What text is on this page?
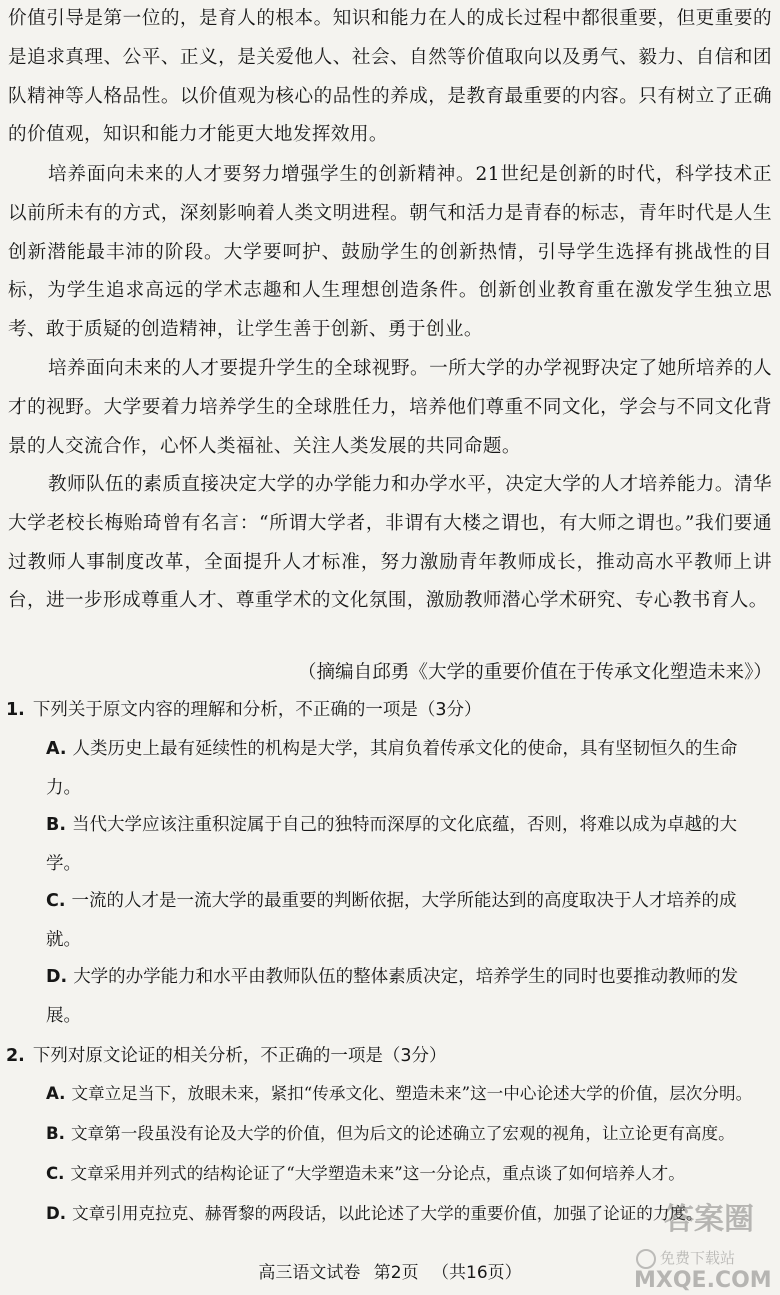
价值引导是第一位的，是育人的根本。知识和能力在人的成长过程中都很重要，但更重要的是追求真理、公平、正义，是关爱他人、社会、自然等价值取向以及勇气、毅力、自信和团队精神等人格品性。以价值观为核心的品性的养成，是教育最重要的内容。只有树立了正确的价值观，知识和能力才能更大地发挥效用。

培养面向未来的人才要努力增强学生的创新精神。21世纪是创新的时代，科学技术正以前所未有的方式，深刻影响着人类文明进程。朝气和活力是青春的标志，青年时代是人生创新潜能最丰沛的阶段。大学要呵护、鼓励学生的创新热情，引导学生选择有挑战性的目标，为学生追求高远的学术志趣和人生理想创造条件。创新创业教育重在激发学生独立思考、敢于质疑的创造精神，让学生善于创新、勇于创业。

培养面向未来的人才要提升学生的全球视野。一所大学的办学视野决定了她所培养的人才的视野。大学要着力培养学生的全球胜任力，培养他们尊重不同文化，学会与不同文化背景的人交流合作，心怀人类福祉、关注人类发展的共同命题。

教师队伍的素质直接决定大学的办学能力和办学水平，决定大学的人才培养能力。清华大学老校长梅贻琦曾有名言：“所谓大学者，非谓有大楼之谓也，有大师之谓也。”我们要通过教师人事制度改革，全面提升人才标准，努力激励青年教师成长，推动高水平教师上讲台，进一步形成尊重人才、尊重学术的文化氛围，激励教师潜心学术研究、专心教书育人。

（摘编自邱勇《大学的重要价值在于传承文化塑造未来》）

1. 下列关于原文内容的理解和分析，不正确的一项是（3分）

A. 人类历史上最有延续性的机构是大学，其肩负着传承文化的使命，具有坚韧恒久的生命力。

B. 当代大学应该注重积淀属于自己的独特而深厚的文化底蕴，否则，将难以成为卓越的大学。

C. 一流的人才是一流大学的最重要的判断依据，大学所能达到的高度取决于人才培养的成就。

D. 大学的办学能力和水平由教师队伍的整体素质决定，培养学生的同时也要推动教师的发展。

2. 下列对原文论证的相关分析，不正确的一项是（3分）

A. 文章立足当下，放眼未来，紧扣“传承文化、塑造未来”这一中心论述大学的价值，层次分明。

B. 文章第一段虽没有论及大学的价值，但为后文的论述确立了宏观的视角，让立论更有高度。

C. 文章采用并列式的结构论证了“大学塑造未来”这一分论点，重点谈了如何培养人才。

D. 文章引用克拉克、赫胥黎的两段话，以此论述了大学的重要价值，加强了论证的力度。

高三语文试卷 第2页 （共16页）
答案圈
免费下载站
MXQE.COM
